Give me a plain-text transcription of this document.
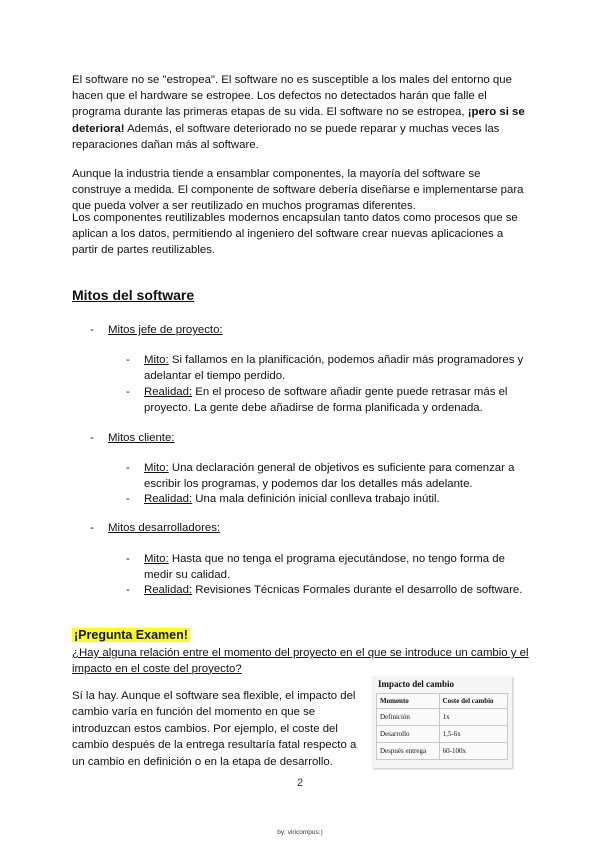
El software no se "estropea". El software no es susceptible a los males del entorno que hacen que el hardware se estropee. Los defectos no detectados harán que falle el programa durante las primeras etapas de su vida. El software no se estropea, ¡pero si se deteriora! Además, el software deteriorado no se puede reparar y muchas veces las reparaciones dañan más al software.

Aunque la industria tiende a ensamblar componentes, la mayoría del software se construye a medida. El componente de software debería diseñarse e implementarse para que pueda volver a ser reutilizado en muchos programas diferentes.

Los componentes reutilizables modernos encapsulan tanto datos como procesos que se aplican a los datos, permitiendo al ingeniero del software crear nuevas aplicaciones a partir de partes reutilizables.

Mitos del software
- Mitos jefe de proyecto:
- Mito: Si fallamos en la planificación, podemos añadir más programadores y adelantar el tiempo perdido.
- Realidad: En el proceso de software añadir gente puede retrasar más el proyecto. La gente debe añadirse de forma planificada y ordenada.
- Mitos cliente:
- Mito: Una declaración general de objetivos es suficiente para comenzar a escribir los programas, y podemos dar los detalles más adelante.
- Realidad: Una mala definición inicial conlleva trabajo inútil.
- Mitos desarrolladores:
- Mito: Hasta que no tenga el programa ejecutándose, no tengo forma de medir su calidad.
- Realidad: Revisiones Técnicas Formales durante el desarrollo de software.

¡Pregunta Examen!

¿Hay alguna relación entre el momento del proyecto en el que se introduce un cambio y el impacto en el coste del proyecto?

Sí la hay. Aunque el software sea flexible, el impacto del cambio varía en función del momento en que se introduzcan estos cambios. Por ejemplo, el coste del cambio después de la entrega resultaría fatal respecto a un cambio en definición o en la etapa de desarrollo.

Impacto del cambio
Momento	Coste del cambio
Definición	1x
Desarrollo	1,5-6x
Después entrega	60-100x
2
by: viricompus:)
